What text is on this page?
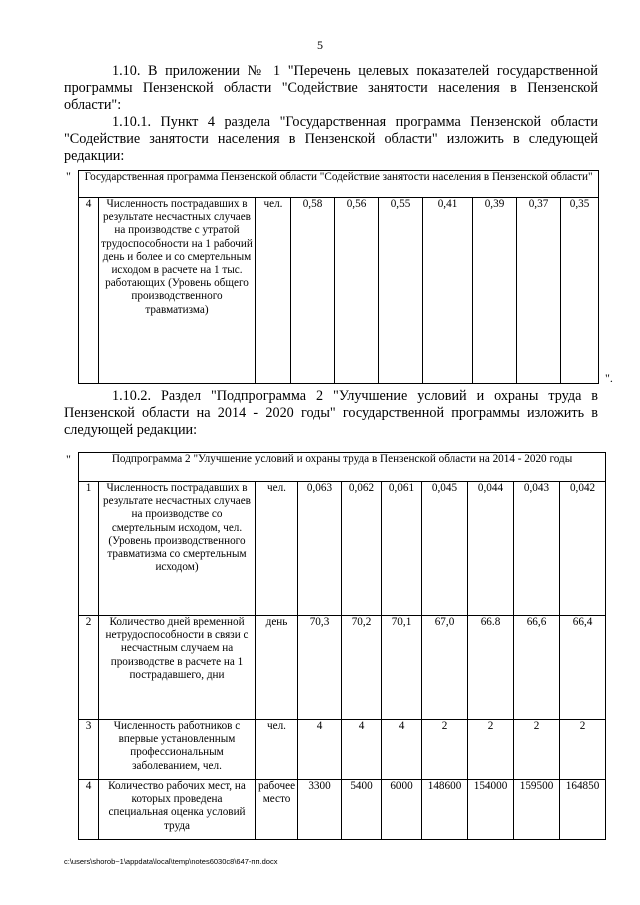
5

1.10. В приложении № 1 "Перечень целевых показателей государственной программы Пензенской области "Содействие занятости населения в Пензенской области":

1.10.1. Пункт 4 раздела "Государственная программа Пензенской области "Содействие занятости населения в Пензенской области" изложить в следующей редакции:

"
".
Государственная программа Пензенской области "Содействие занятости населения в Пензенской области"
4	Численность пострадавших в результате несчастных случаев на производстве с утратой трудоспособности на 1 рабочий день и более и со смертельным исходом в расчете на 1 тыс. работающих (Уровень общего производственного травматизма)	чел.	0,58	0,56	0,55	0,41	0,39	0,37	0,35

1.10.2. Раздел "Подпрограмма 2 "Улучшение условий и охраны труда в Пензенской области на 2014 - 2020 годы" государственной программы изложить в следующей редакции:

"	Подпрограмма 2 "Улучшение условий и охраны труда в Пензенской области на 2014 - 2020 годы									
1	Численность пострадавших в результате несчастных случаев на производстве со смертельным исходом, чел. (Уровень производственного травматизма со смертельным исходом)	чел.	0,063	0,062	0,061	0,045	0,044	0,043	0,042
2	Количество дней временной нетрудоспособности в связи с несчастным случаем на производстве в расчете на 1 пострадавшего, дни	день	70,3	70,2	70,1	67,0	66.8	66,6	66,4
3	Численность работников с впервые установленным профессиональным заболеванием, чел.	чел.	4	4	4	2	2	2	2
4	Количество рабочих мест, на которых проведена специальная оценка условий труда	рабочее место	3300	5400	6000	148600	154000	159500	164850
c:\users\shorob~1\appdata\local\temp\notes6030c8\647-пп.docx
